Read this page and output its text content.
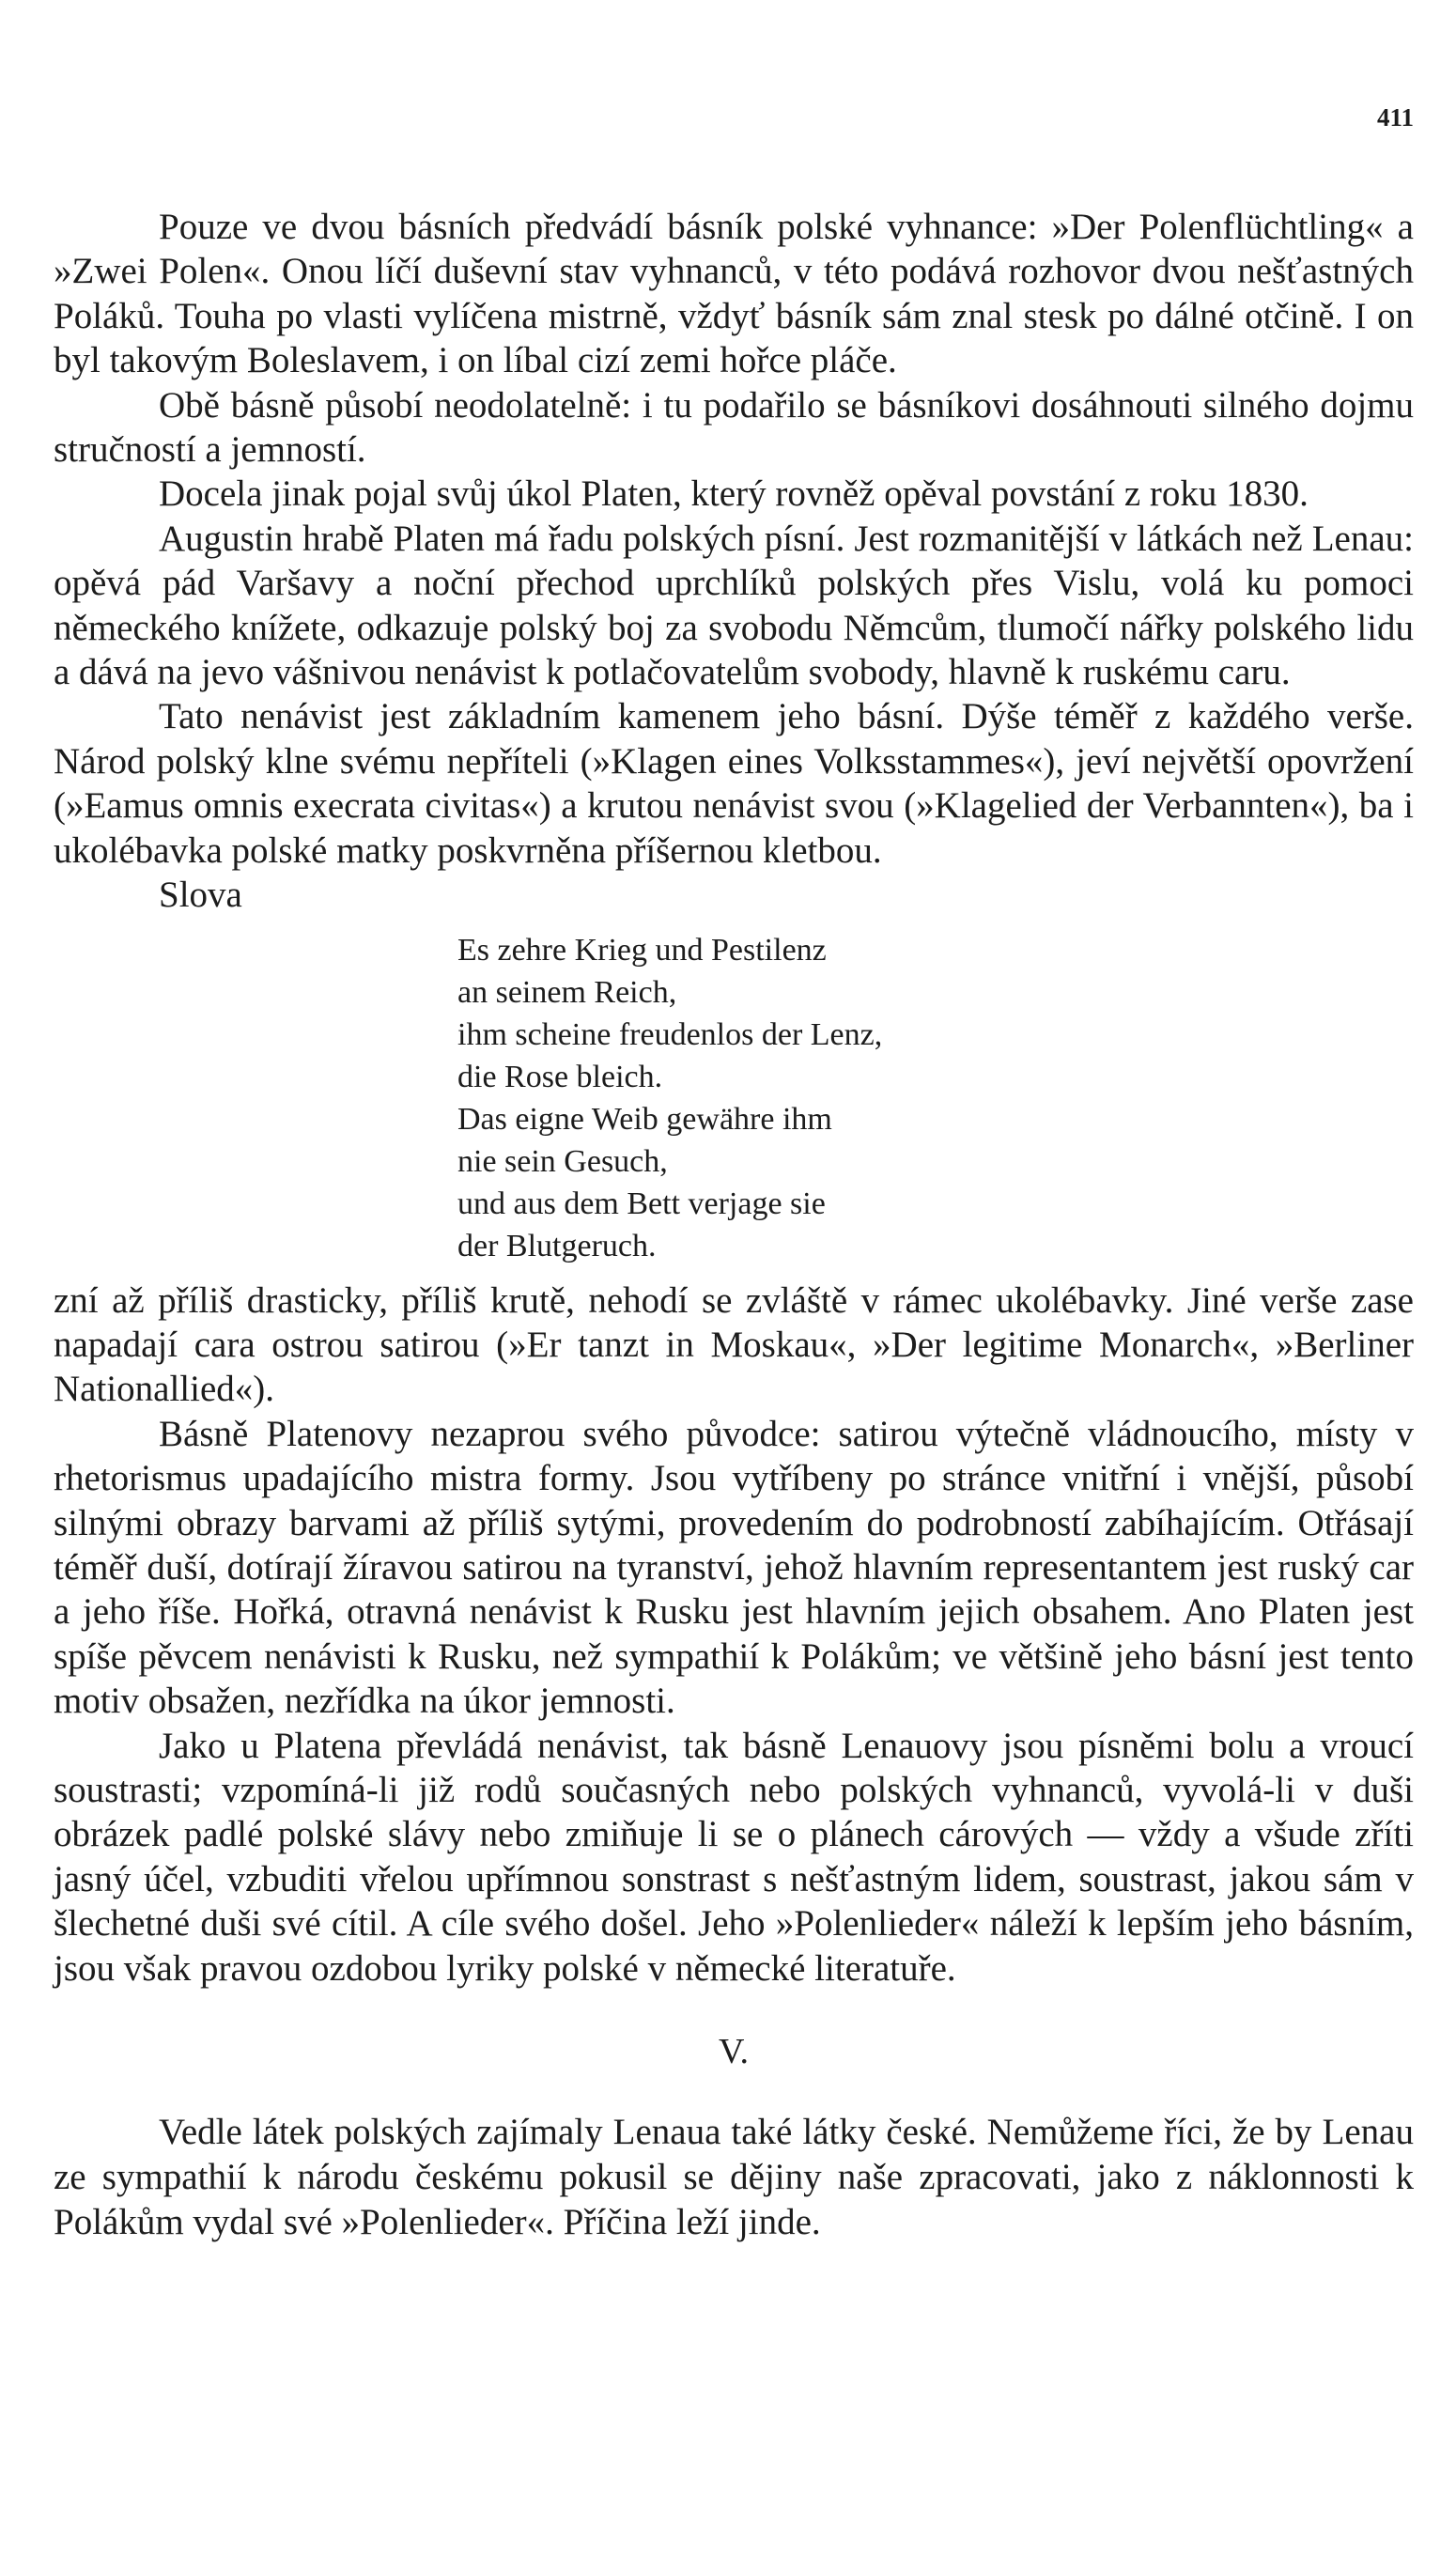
411

Pouze ve dvou básních předvádí básník polské vyhnance: »Der Polenflüchtling« a »Zwei Polen«. Onou líčí duševní stav vyhnanců, v této podává rozhovor dvou nešťastných Poláků. Touha po vlasti vylíčena mistrně, vždyť básník sám znal stesk po dálné otčině. I on byl takovým Boleslavem, i on líbal cizí zemi hořce pláče.

Obě básně působí neodolatelně: i tu podařilo se básníkovi dosáhnouti silného dojmu stručností a jemností.

Docela jinak pojal svůj úkol Platen, který rovněž opěval povstání z roku 1830.

Augustin hrabě Platen má řadu polských písní. Jest rozmanitější v látkách než Lenau: opěvá pád Varšavy a noční přechod uprchlíků polských přes Vislu, volá ku pomoci německého knížete, odkazuje polský boj za svobodu Němcům, tlumočí nářky polského lidu a dává na jevo vášnivou nenávist k potlačovatelům svobody, hlavně k ruskému caru.

Tato nenávist jest základním kamenem jeho básní. Dýše téměř z každého verše. Národ polský klne svému nepříteli (»Klagen eines Volksstammes«), jeví největší opovržení (»Eamus omnis execrata civitas«) a krutou nenávist svou (»Klagelied der Verbannten«), ba i ukolébavka polské matky poskvrněna příšernou kletbou.

Slova

Es zehre Krieg und Pestilenz
an seinem Reich,
ihm scheine freudenlos der Lenz,
die Rose bleich.
Das eigne Weib gewähre ihm
nie sein Gesuch,
und aus dem Bett verjage sie
der Blutgeruch.

zní až příliš drasticky, příliš krutě, nehodí se zvláště v rámec ukolébavky. Jiné verše zase napadají cara ostrou satirou (»Er tanzt in Moskau«, »Der legitime Monarch«, »Berliner Nationallied«).

Básně Platenovy nezaprou svého původce: satirou výtečně vládnoucího, místy v rhetorismus upadajícího mistra formy. Jsou vytříbeny po stránce vnitřní i vnější, působí silnými obrazy barvami až příliš sytými, provedením do podrobností zabíhajícím. Otřásají téměř duší, dotírají žíravou satirou na tyranství, jehož hlavním representantem jest ruský car a jeho říše. Hořká, otravná nenávist k Rusku jest hlavním jejich obsahem. Ano Platen jest spíše pěvcem nenávisti k Rusku, než sympathií k Polákům; ve většině jeho básní jest tento motiv obsažen, nezřídka na úkor jemnosti.

Jako u Platena převládá nenávist, tak básně Lenauovy jsou písněmi bolu a vroucí soustrasti; vzpomíná-li již rodů současných nebo polských vyhnanců, vyvolá-li v duši obrázek padlé polské slávy nebo zmiňuje li se o plánech cárových — vždy a všude zříti jasný účel, vzbuditi vřelou upřímnou sonstrast s nešťastným lidem, soustrast, jakou sám v šlechetné duši své cítil. A cíle svého došel. Jeho »Polenlieder« náleží k lepším jeho básním, jsou však pravou ozdobou lyriky polské v německé literatuře.

V.

Vedle látek polských zajímaly Lenaua také látky české. Nemůžeme říci, že by Lenau ze sympathií k národu českému pokusil se dějiny naše zpracovati, jako z náklonnosti k Polákům vydal své »Polenlieder«. Příčina leží jinde.
